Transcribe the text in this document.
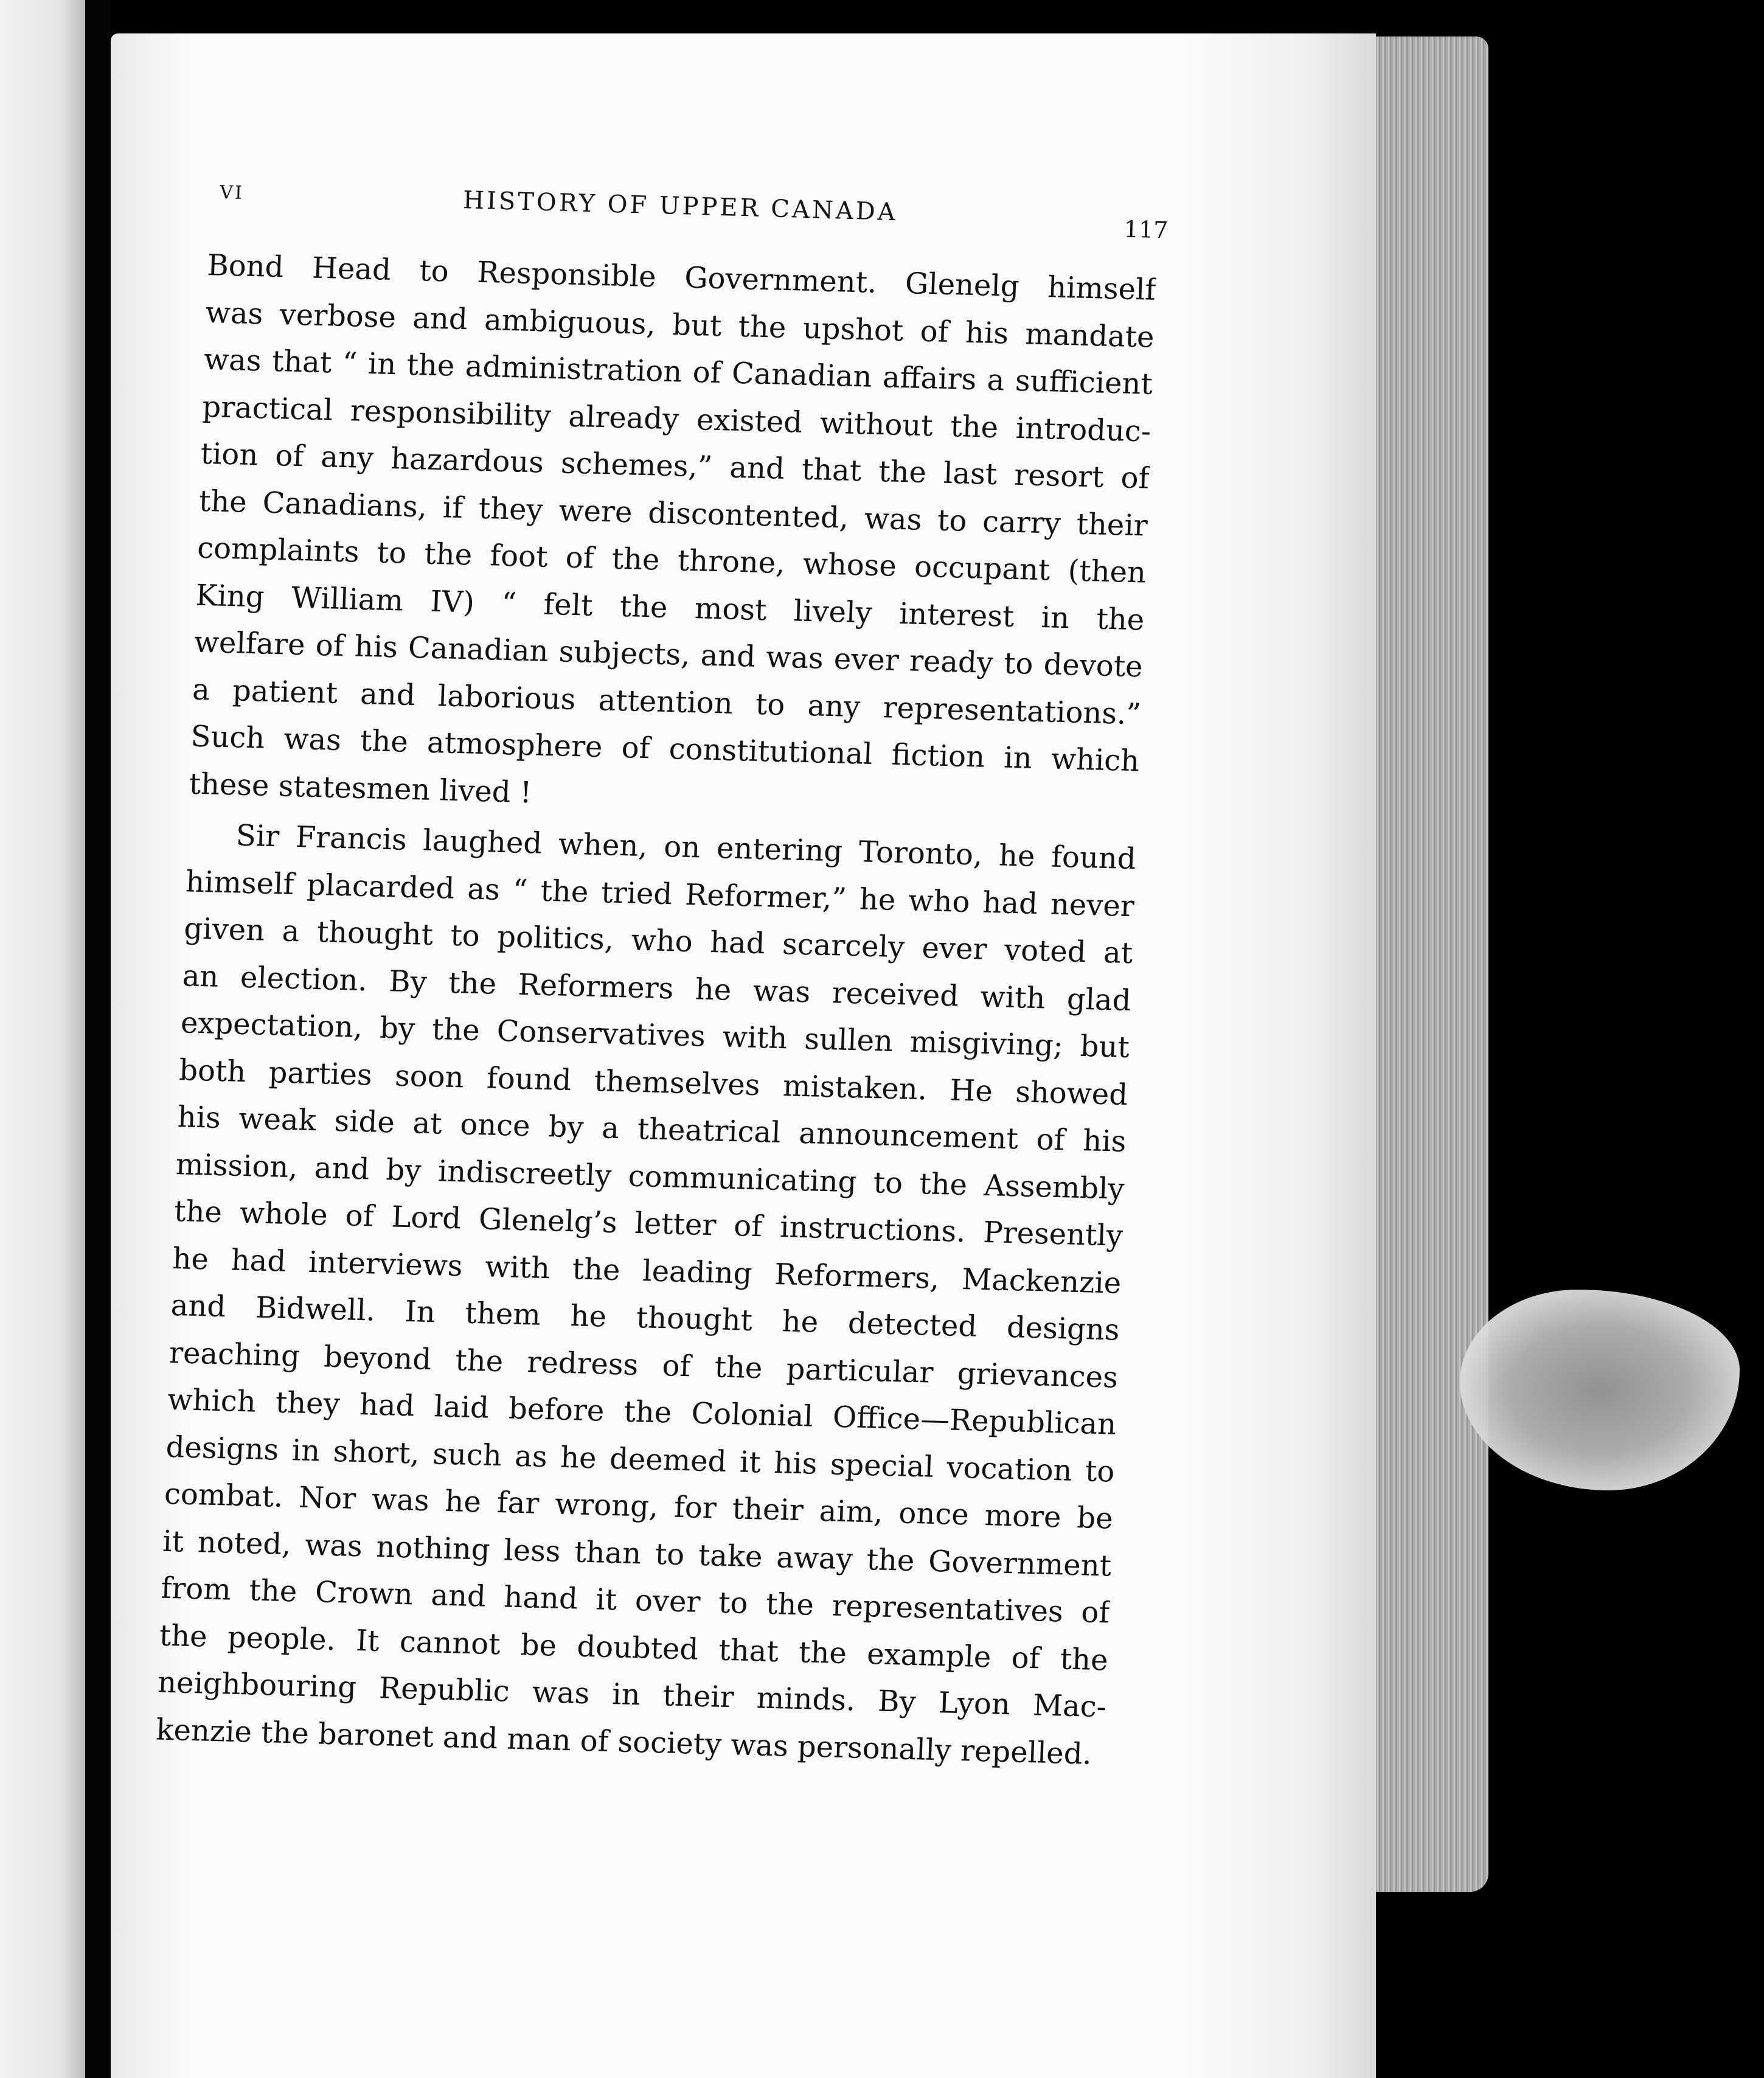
VI	HISTORY OF UPPER CANADA
117

Bond Head to Responsible Government. Glenelg himself
was verbose and ambiguous, but the upshot of his mandate
was that “ in the administration of Canadian affairs a sufficient
practical responsibility already existed without the introduc-
tion of any hazardous schemes,” and that the last resort of
the Canadians, if they were discontented, was to carry their
complaints to the foot of the throne, whose occupant (then
King William IV) “ felt the most lively interest in the
welfare of his Canadian subjects, and was ever ready to devote
a patient and laborious attention to any representations.”
Such was the atmosphere of constitutional fiction in which
these statesmen lived !

Sir Francis laughed when, on entering Toronto, he found
himself placarded as “ the tried Reformer,” he who had never
given a thought to politics, who had scarcely ever voted at
an election. By the Reformers he was received with glad
expectation, by the Conservatives with sullen misgiving; but
both parties soon found themselves mistaken. He showed
his weak side at once by a theatrical announcement of his
mission, and by indiscreetly communicating to the Assembly
the whole of Lord Glenelg’s letter of instructions. Presently
he had interviews with the leading Reformers, Mackenzie
and Bidwell. In them he thought he detected designs
reaching beyond the redress of the particular grievances
which they had laid before the Colonial Office—Republican
designs in short, such as he deemed it his special vocation to
combat. Nor was he far wrong, for their aim, once more be
it noted, was nothing less than to take away the Government
from the Crown and hand it over to the representatives of
the people. It cannot be doubted that the example of the
neighbouring Republic was in their minds. By Lyon Mac-
kenzie the baronet and man of society was personally repelled.
